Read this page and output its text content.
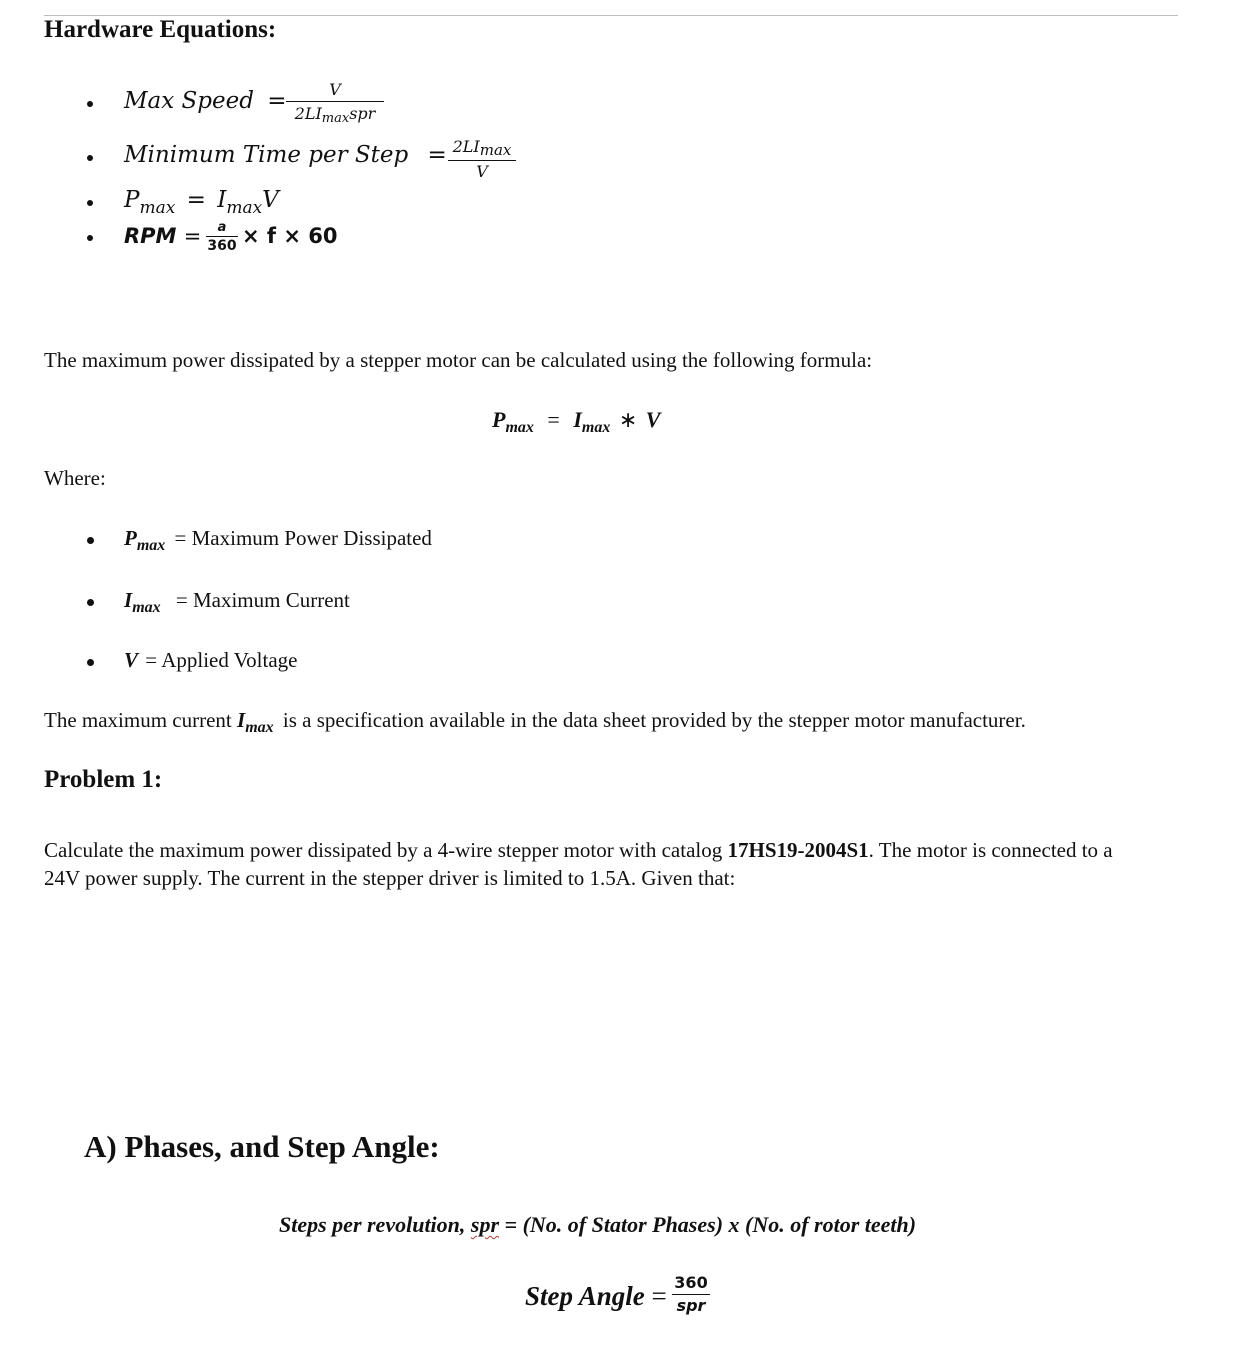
Hardware Equations:
Max Speed =	V
2LImaxspr
Minimum Time per Step = 2LImax
V
$P_{max} = I_{max}V$
RPM =	a
360 × f × 60
The maximum power dissipated by a stepper motor can be calculated using the following formula:
$P_{max} = I_{max}$ ∗ V
Where:
$P_{max}$ = Maximum Power Dissipated
$I_{max}$ = Maximum Current
V = Applied Voltage
The maximum current $I_{max}$ is a specification available in the data sheet provided by the stepper motor manufacturer.
Problem 1:
Calculate the maximum power dissipated by a 4-wire stepper motor with catalog 17HS19-2004S1. The motor is connected to a
24V power supply. The current in the stepper driver is limited to 1.5A. Given that:
A) Phases, and Step Angle:
Steps per revolution, spr = (No. of Stator Phases) x (No. of rotor teeth)
Step Angle = 360
spr
